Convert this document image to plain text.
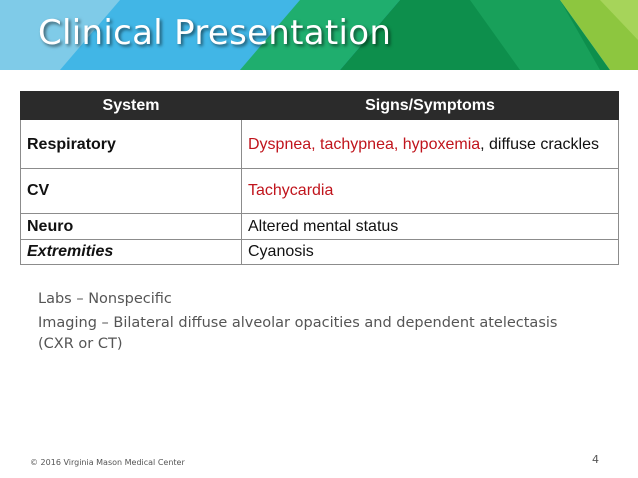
Clinical Presentation
System	Signs/Symptoms
Respiratory	Dyspnea, tachypnea, hypoxemia, diffuse crackles
CV	Tachycardia
Neuro	Altered mental status
Extremities	Cyanosis

Labs – Nonspecific

Imaging – Bilateral diffuse alveolar opacities and dependent atelectasis (CXR or CT)

© 2016 Virginia Mason Medical Center	4
